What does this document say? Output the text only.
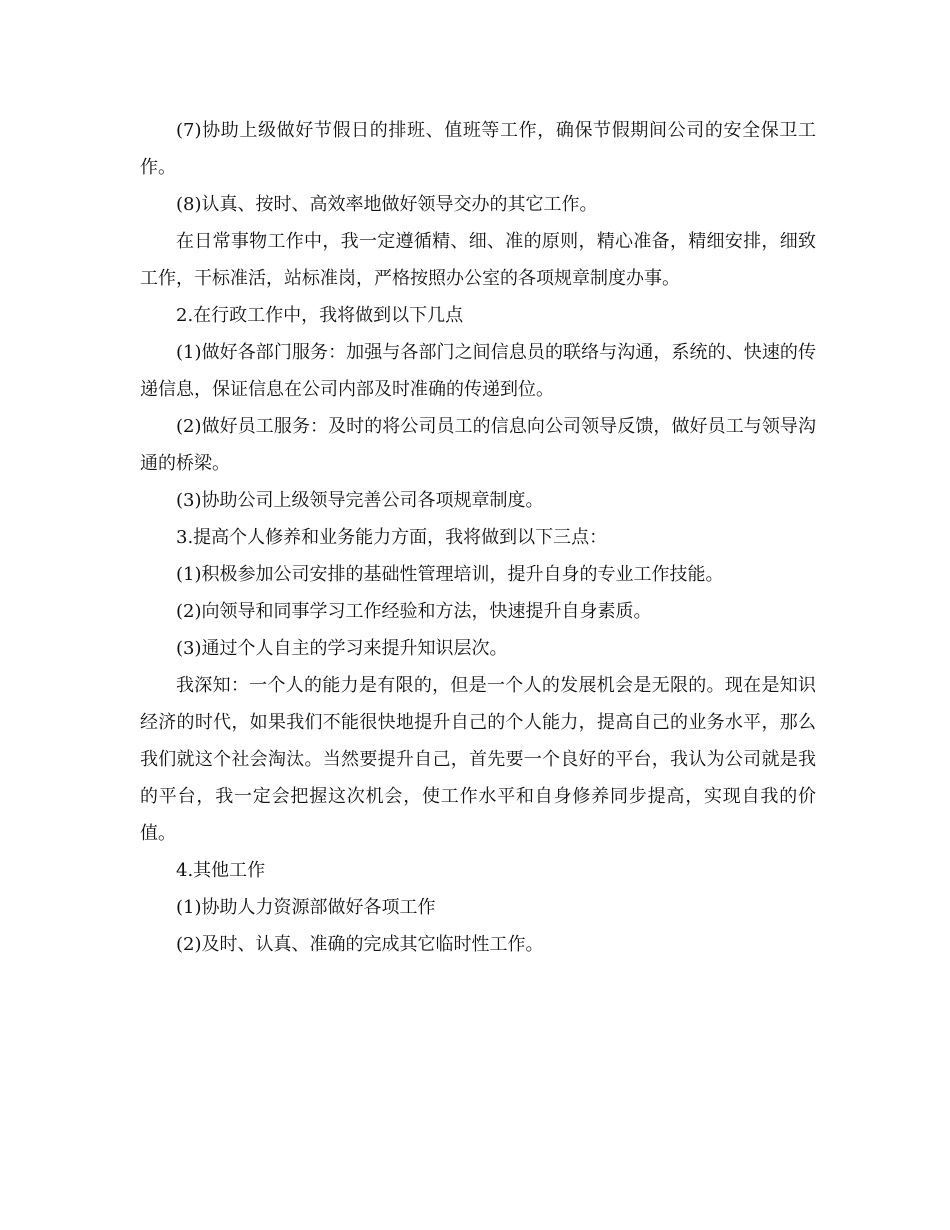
(7)协助上级做好节假日的排班、值班等工作，确保节假期间公司的安全保卫工作。

(8)认真、按时、高效率地做好领导交办的其它工作。

在日常事物工作中，我一定遵循精、细、准的原则，精心准备，精细安排，细致工作，干标准活，站标准岗，严格按照办公室的各项规章制度办事。

2.在行政工作中，我将做到以下几点

(1)做好各部门服务：加强与各部门之间信息员的联络与沟通，系统的、快速的传递信息，保证信息在公司内部及时准确的传递到位。

(2)做好员工服务：及时的将公司员工的信息向公司领导反馈，做好员工与领导沟通的桥梁。

(3)协助公司上级领导完善公司各项规章制度。

3.提高个人修养和业务能力方面，我将做到以下三点：

(1)积极参加公司安排的基础性管理培训，提升自身的专业工作技能。

(2)向领导和同事学习工作经验和方法，快速提升自身素质。

(3)通过个人自主的学习来提升知识层次。

我深知：一个人的能力是有限的，但是一个人的发展机会是无限的。现在是知识经济的时代，如果我们不能很快地提升自己的个人能力，提高自己的业务水平，那么我们就这个社会淘汰。当然要提升自己，首先要一个良好的平台，我认为公司就是我的平台，我一定会把握这次机会，使工作水平和自身修养同步提高，实现自我的价值。

4.其他工作

(1)协助人力资源部做好各项工作

(2)及时、认真、准确的完成其它临时性工作。
